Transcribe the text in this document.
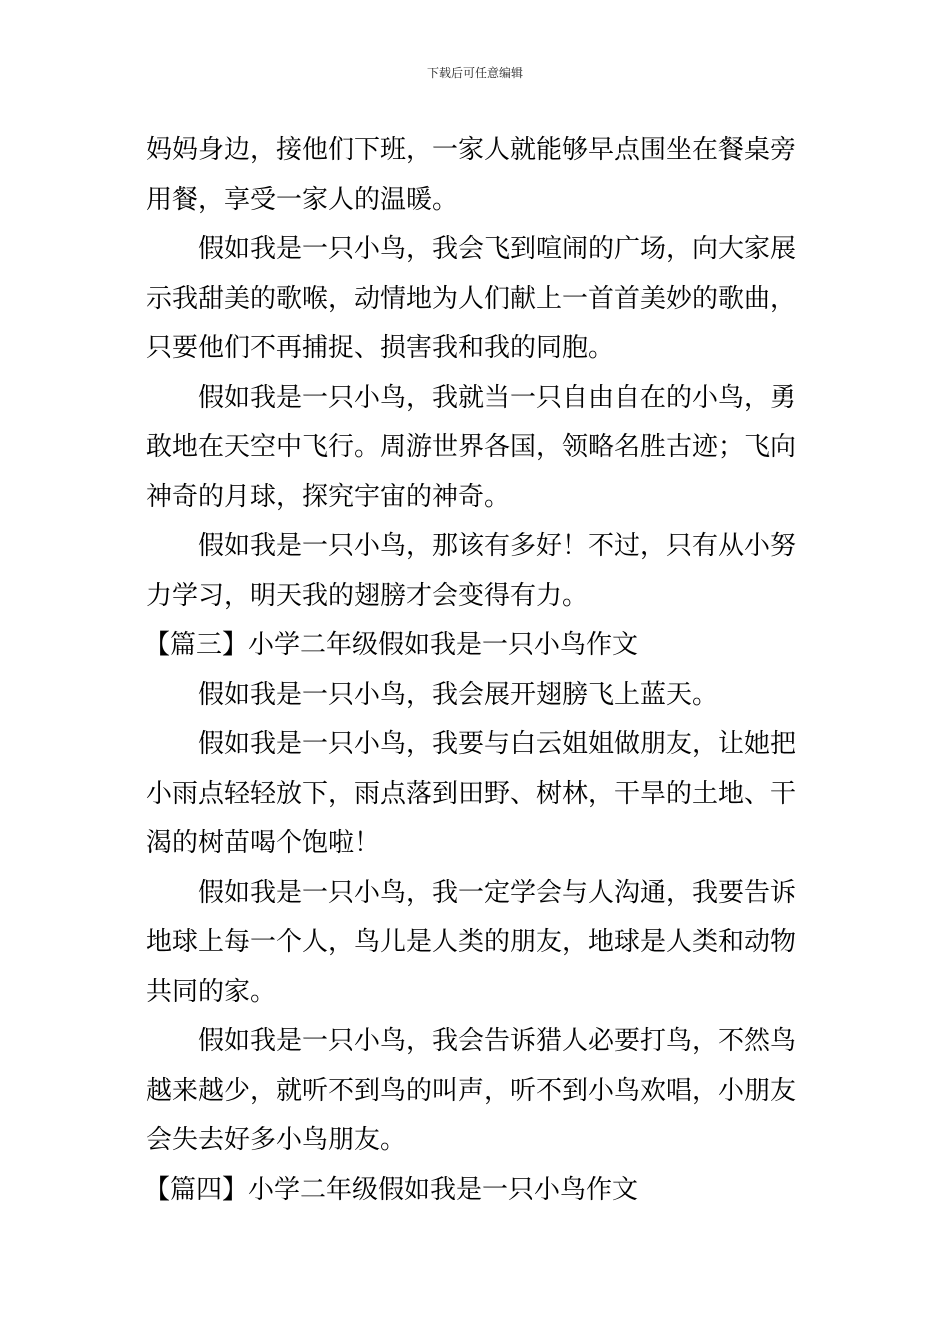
下载后可任意编辑
妈妈身边，接他们下班，一家人就能够早点围坐在餐桌旁
用餐，享受一家人的温暖。
假如我是一只小鸟，我会飞到喧闹的广场，向大家展
示我甜美的歌喉，动情地为人们献上一首首美妙的歌曲，
只要他们不再捕捉、损害我和我的同胞。
假如我是一只小鸟，我就当一只自由自在的小鸟，勇
敢地在天空中飞行。周游世界各国，领略名胜古迹；飞向
神奇的月球，探究宇宙的神奇。
假如我是一只小鸟，那该有多好！不过，只有从小努
力学习，明天我的翅膀才会变得有力。
【篇三】小学二年级假如我是一只小鸟作文
假如我是一只小鸟，我会展开翅膀飞上蓝天。
假如我是一只小鸟，我要与白云姐姐做朋友，让她把
小雨点轻轻放下，雨点落到田野、树林，干旱的土地、干
渴的树苗喝个饱啦！
假如我是一只小鸟，我一定学会与人沟通，我要告诉
地球上每一个人，鸟儿是人类的朋友，地球是人类和动物
共同的家。
假如我是一只小鸟，我会告诉猎人必要打鸟，不然鸟
越来越少，就听不到鸟的叫声，听不到小鸟欢唱，小朋友
会失去好多小鸟朋友。
【篇四】小学二年级假如我是一只小鸟作文
